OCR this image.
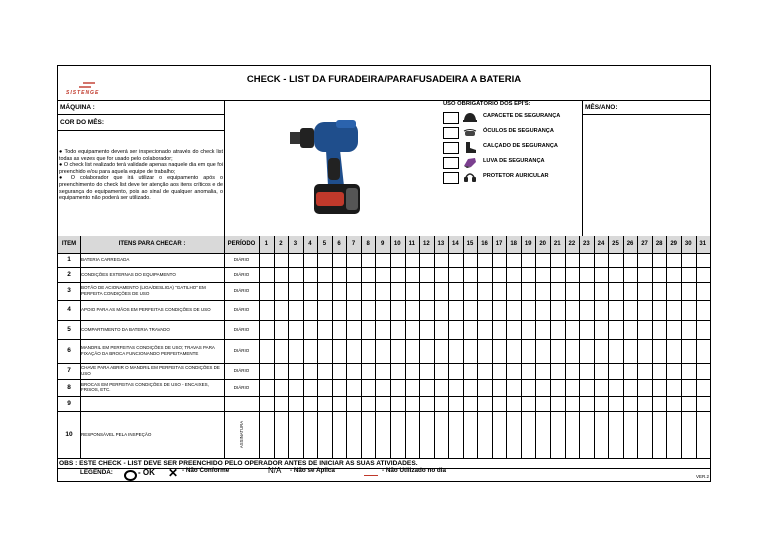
SISTENGE
CHECK - LIST DA FURADEIRA/PARAFUSADEIRA A BATERIA
MÁQUINA :
COR DO MÊS:
USO OBRIGATÓRIO DOS EPI'S:	MÊS/ANO:
● Todo equipamento deverá ser inspecionado através do check list todas as vezes que for usado pelo colaborador;
● O check list realizado terá validade apenas naquele dia em que foi preenchido e/ou para aquela equipe de trabalho;
● O colaborador que irá utilizar o equipamento após o preenchimento do check list deve ter atenção aos itens críticos e de segurança do equipamento, pois ao sinal de qualquer anomalia, o equipamento não poderá ser utilizado.
CAPACETE DE SEGURANÇA
ÓCULOS DE SEGURANÇA
CALÇADO DE SEGURANÇA
LUVA DE SEGURANÇA
PROTETOR AURICULAR
ITEM	ITENS PARA CHECAR :	PERÍODO	1	2	3	4	5	6	7	8	9	10	11	12	13	14	15	16	17	18	19	20	21	22	23	24	25	26	27	28	29	30	31
1	BATERIA CARREGADA	DIÁRIO
2	CONDIÇÕES EXTERNAS DO EQUIPAMENTO	DIÁRIO
3	BOTÃO DE ACIONAMENTO (LIGA/DESLIGA) "GATILHO" EM PERFEITA CONDIÇÕES DE USO	DIÁRIO
4	APOIO PARA AS MÃOS EM PERFEITAS CONDIÇÕES DE USO	DIÁRIO
5	COMPARTIMENTO DA BATERIA TRAVADO	DIÁRIO
6	MANDRIL EM PERFEITAS CONDIÇÕES DE USO; TRAVAS PARA FIXAÇÃO DA BROCA FUNCIONANDO PERFEITAMENTE	DIÁRIO
7	CHAVE PARA ABRIR O MANDRIL EM PERFEITAS CONDIÇÕES DE USO	DIÁRIO
8	BROCAS EM PERFEITAS CONDIÇÕES DE USO - ENCAIXES, FRISOS, ETC.	DIÁRIO
9
10	RESPONSÁVEL PELA INSPEÇÃO	ASSINATURA
OBS : ESTE CHECK - LIST DEVE SER PREENCHIDO PELO OPERADOR ANTES DE INICIAR AS SUAS ATIVIDADES.
LEGENDA:	- OK ✕ - Não Conforme	N/A - Não se Aplica	- Não Utilizado no dia
VER.2
